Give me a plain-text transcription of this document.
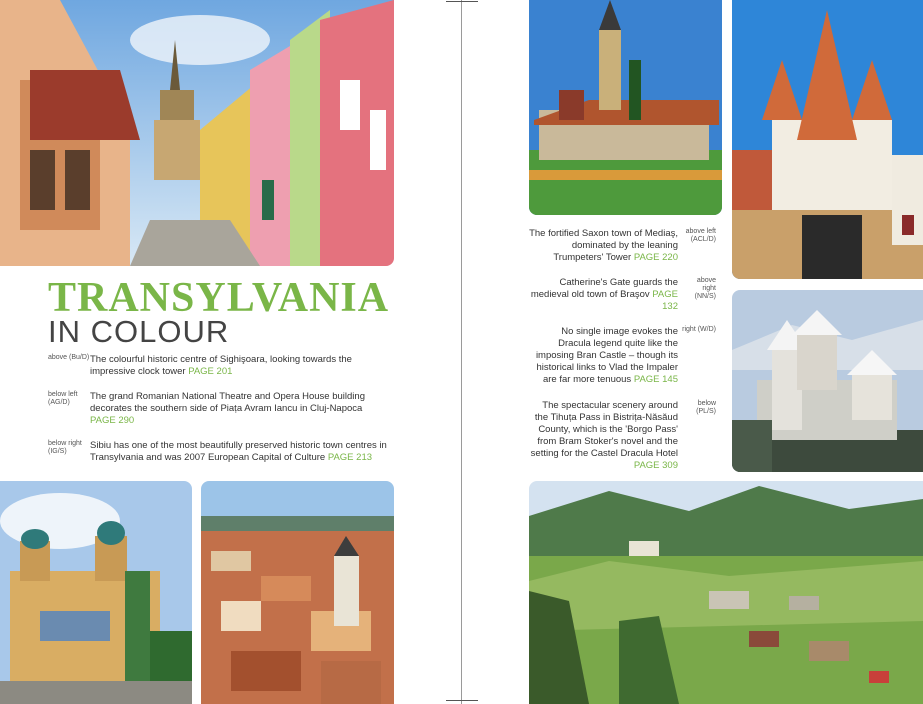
TRANSYLVANIA
IN COLOUR
above (Bu/D) The colourful historic centre of Sighişoara, looking towards the impressive clock tower PAGE 201
below left (AG/D)
The grand Romanian National Theatre and Opera House building decorates the southern side of Piața Avram Iancu in Cluj-Napoca PAGE 290
below right (IG/S)
Sibiu has one of the most beautifully preserved historic town centres in Transylvania and was 2007 European Capital of Culture PAGE 213
The fortified Saxon town of Mediaş, dominated by the leaning Trumpeters' Tower PAGE 220
above left (ACL/D)
Catherine's Gate guards the medieval old town of Braşov PAGE 132
above right (NN/S)
No single image evokes the Dracula legend quite like the imposing Bran Castle – though its historical links to Vlad the Impaler are far more tenuous PAGE 145
right (W/D)
The spectacular scenery around the Tihuța Pass in Bistrița-Năsăud County, which is the 'Borgo Pass' from Bram Stoker's novel and the setting for the Castel Dracula Hotel PAGE 309
below (PL/S)
